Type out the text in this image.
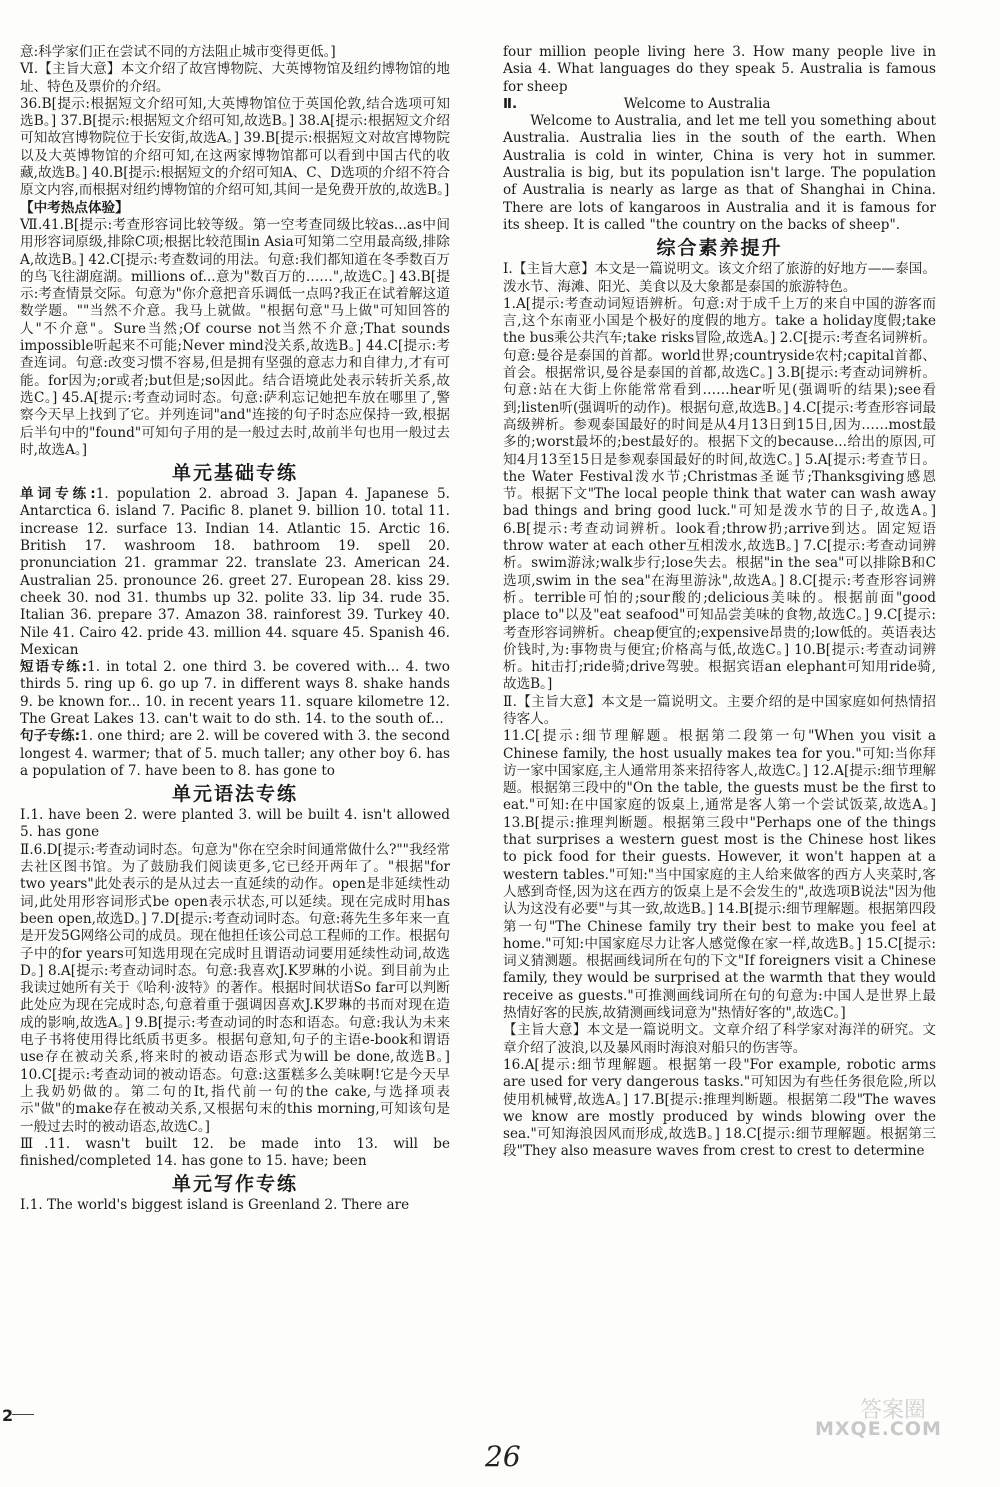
意:科学家们正在尝试不同的方法阻止城市变得更低。]

Ⅵ.【主旨大意】本文介绍了故宫博物院、大英博物馆及纽约博物馆的地址、特色及票价的介绍。

36.B[提示:根据短文介绍可知,大英博物馆位于英国伦敦,结合选项可知选B。] 37.B[提示:根据短文介绍可知,故选B。] 38.A[提示:根据短文介绍可知故宫博物院位于长安街,故选A。] 39.B[提示:根据短文对故宫博物院以及大英博物馆的介绍可知,在这两家博物馆都可以看到中国古代的收藏,故选B。] 40.B[提示:根据短文的介绍可知A、C、D选项的介绍不符合原文内容,而根据对纽约博物馆的介绍可知,其间一是免费开放的,故选B。]

【中考热点体验】

Ⅶ.41.B[提示:考查形容词比较等级。第一空考查同级比较as...as中间用形容词原级,排除C项;根据比较范围in Asia可知第二空用最高级,排除A,故选B。] 42.C[提示:考查数词的用法。句意:我们都知道在冬季数百万的鸟飞往湖庭湖。millions of...意为"数百万的……",故选C。] 43.B[提示:考查情景交际。句意为"你介意把音乐调低一点吗?我正在试着解这道数学题。""当然不介意。我马上就做。"根据句意"马上做"可知回答的人"不介意"。Sure当然;Of course not当然不介意;That sounds impossible听起来不可能;Never mind没关系,故选B。] 44.C[提示:考查连词。句意:改变习惯不容易,但是拥有坚强的意志力和自律力,才有可能。for因为;or或者;but但是;so因此。结合语境此处表示转折关系,故选C。] 45.A[提示:考查动词时态。句意:萨利忘记她把车放在哪里了,警察今天早上找到了它。并列连词"and"连接的句子时态应保持一致,根据后半句中的"found"可知句子用的是一般过去时,故前半句也用一般过去时,故选A。]

单元基础专练

单词专练:1. population 2. abroad 3. Japan 4. Japanese 5. Antarctica 6. island 7. Pacific 8. planet 9. billion 10. total 11. increase 12. surface 13. Indian 14. Atlantic 15. Arctic 16. British 17. washroom 18. bathroom 19. spell 20. pronunciation 21. grammar 22. translate 23. American 24. Australian 25. pronounce 26. greet 27. European 28. kiss 29. cheek 30. nod 31. thumbs up 32. polite 33. lip 34. rude 35. Italian 36. prepare 37. Amazon 38. rainforest 39. Turkey 40. Nile 41. Cairo 42. pride 43. million 44. square 45. Spanish 46. Mexican

短语专练:1. in total 2. one third 3. be covered with... 4. two thirds 5. ring up 6. go up 7. in different ways 8. shake hands 9. be known for... 10. in recent years 11. square kilometre 12. The Great Lakes 13. can't wait to do sth. 14. to the south of...

句子专练:1. one third; are 2. will be covered with 3. the second longest 4. warmer; that of 5. much taller; any other boy 6. has a population of 7. have been to 8. has gone to

单元语法专练

Ⅰ.1. have been 2. were planted 3. will be built 4. isn't allowed 5. has gone

Ⅱ.6.D[提示:考查动词时态。句意为"你在空余时间通常做什么?""我经常去社区图书馆。为了鼓励我们阅读更多,它已经开两年了。"根据"for two years"此处表示的是从过去一直延续的动作。open是非延续性动词,此处用形容词形式be open表示状态,可以延续。现在完成时用has been open,故选D。] 7.D[提示:考查动词时态。句意:蒋先生多年来一直是开发5G网络公司的成员。现在他担任该公司总工程师的工作。根据句子中的for years可知选用现在完成时且谓语动词要用延续性动词,故选D。] 8.A[提示:考查动词时态。句意:我喜欢J.K罗琳的小说。到目前为止我读过她所有关于《哈利·波特》的著作。根据时间状语So far可以判断此处应为现在完成时态,句意着重于强调因喜欢J.K罗琳的书而对现在造成的影响,故选A。] 9.B[提示:考查动词的时态和语态。句意:我认为未来电子书将使用得比纸质书更多。根据句意知,句子的主语e-book和谓语use存在被动关系,将来时的被动语态形式为will be done,故选B。] 10.C[提示:考查动词的被动语态。句意:这蛋糕多么美味啊!它是今天早上我奶奶做的。第二句的It,指代前一句的the cake,与选择项表示"做"的make存在被动关系,又根据句末的this morning,可知该句是一般过去时的被动语态,故选C。]

Ⅲ.11. wasn't built 12. be made into 13. will be finished/completed 14. has gone to 15. have; been

单元写作专练

Ⅰ.1. The world's biggest island is Greenland 2. There are

four million people living here 3. How many people live in Asia 4. What languages do they speak 5. Australia is famous for sheep

Ⅱ.	Welcome to Australia

Welcome to Australia, and let me tell you something about Australia. Australia lies in the south of the earth. When Australia is cold in winter, China is very hot in summer. Australia is big, but its population isn't large. The population of Australia is nearly as large as that of Shanghai in China. There are lots of kangaroos in Australia and it is famous for its sheep. It is called "the country on the backs of sheep".

综合素养提升

Ⅰ.【主旨大意】本文是一篇说明文。该文介绍了旅游的好地方——泰国。泼水节、海滩、阳光、美食以及大象都是泰国的旅游特色。

1.A[提示:考查动词短语辨析。句意:对于成千上万的来自中国的游客而言,这个东南亚小国是个极好的度假的地方。take a holiday度假;take the bus乘公共汽车;take risks冒险,故选A。] 2.C[提示:考查名词辨析。句意:曼谷是泰国的首都。world世界;countryside农村;capital首都、首会。根据常识,曼谷是泰国的首都,故选C。] 3.B[提示:考查动词辨析。句意:站在大街上你能常常看到……hear听见(强调听的结果);see看到;listen听(强调听的动作)。根据句意,故选B。] 4.C[提示:考查形容词最高级辨析。参观泰国最好的时间是从4月13日到15日,因为……most最多的;worst最坏的;best最好的。根据下文的because...给出的原因,可知4月13至15日是参观泰国最好的时间,故选C。] 5.A[提示:考查节日。the Water Festival泼水节;Christmas圣诞节;Thanksgiving感恩节。根据下文"The local people think that water can wash away bad things and bring good luck."可知是泼水节的日子,故选A。] 6.B[提示:考查动词辨析。look看;throw扔;arrive到达。固定短语throw water at each other互相泼水,故选B。] 7.C[提示:考查动词辨析。swim游泳;walk步行;lose失去。根据"in the sea"可以排除B和C选项,swim in the sea"在海里游泳",故选A。] 8.C[提示:考查形容词辨析。terrible可怕的;sour酸的;delicious美味的。根据前面"good place to"以及"eat seafood"可知品尝美味的食物,故选C。] 9.C[提示:考查形容词辨析。cheap便宜的;expensive昂贵的;low低的。英语表达价钱时,为:事物贵与便宜;价格高与低,故选C。] 10.B[提示:考查动词辨析。hit击打;ride骑;drive驾驶。根据宾语an elephant可知用ride骑,故选B。]

Ⅱ.【主旨大意】本文是一篇说明文。主要介绍的是中国家庭如何热情招待客人。

11.C[提示:细节理解题。根据第二段第一句"When you visit a Chinese family, the host usually makes tea for you."可知:当你拜访一家中国家庭,主人通常用茶来招待客人,故选C。] 12.A[提示:细节理解题。根据第三段中的"On the table, the guests must be the first to eat."可知:在中国家庭的饭桌上,通常是客人第一个尝试饭菜,故选A。] 13.B[提示:推理判断题。根据第三段中"Perhaps one of the things that surprises a western guest most is the Chinese host likes to pick food for their guests. However, it won't happen at a western tables."可知:"当中国家庭的主人给来做客的西方人夹菜时,客人感到奇怪,因为这在西方的饭桌上是不会发生的",故选项B说法"因为他认为这没有必要"与其一致,故选B。] 14.B[提示:细节理解题。根据第四段第一句"The Chinese family try their best to make you feel at home."可知:中国家庭尽力让客人感觉像在家一样,故选B。] 15.C[提示:词义猜测题。根据画线词所在句的下文"If foreigners visit a Chinese family, they would be surprised at the warmth that they would receive as guests."可推测画线词所在句的句意为:中国人是世界上最热情好客的民族,故猜测画线词意为"热情好客的",故选C。]

【主旨大意】本文是一篇说明文。文章介绍了科学家对海洋的研究。文章介绍了波浪,以及暴风雨时海浪对船只的伤害等。

16.A[提示:细节理解题。根据第一段"For example, robotic arms are used for very dangerous tasks."可知因为有些任务很危险,所以使用机械臂,故选A。] 17.B[提示:推理判断题。根据第二段"The waves we know are mostly produced by winds blowing over the sea."可知海浪因风而形成,故选B。] 18.C[提示:细节理解题。根据第三段"They also measure waves from crest to crest to determine

2
26
答案圈
MXQE.COM
